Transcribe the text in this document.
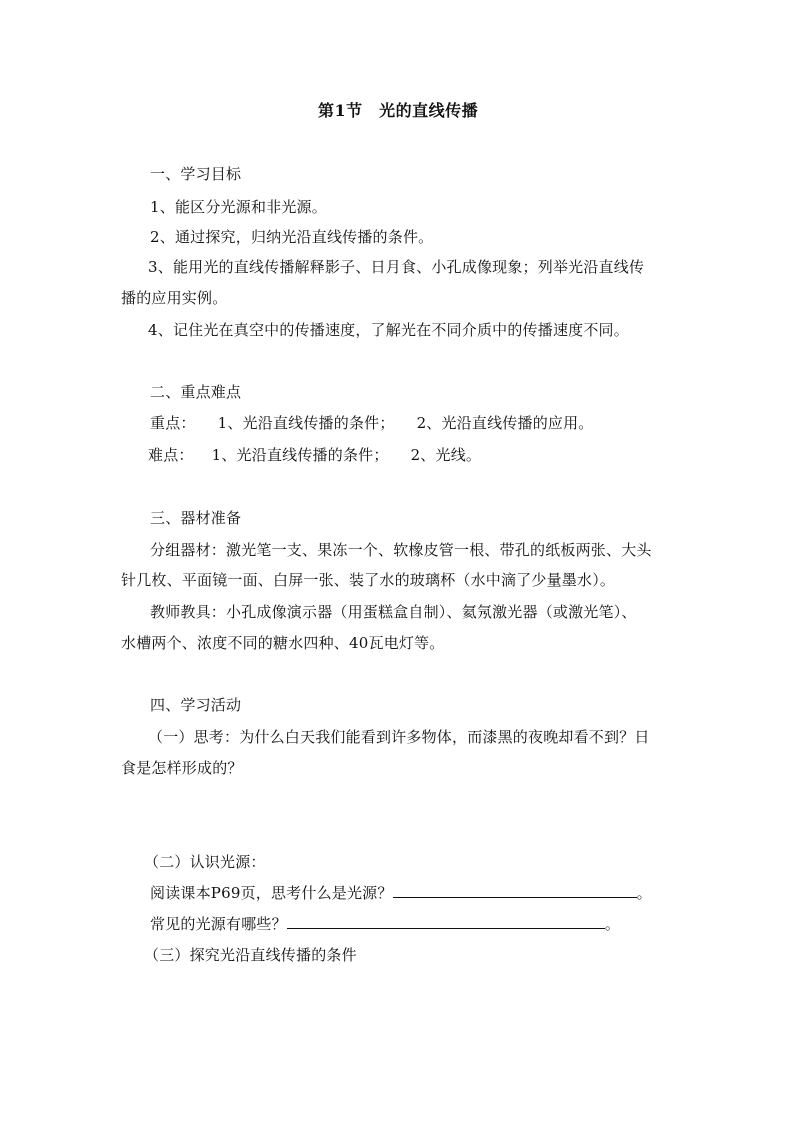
第1节　光的直线传播
一、学习目标
1、能区分光源和非光源。
2、通过探究，归纳光沿直线传播的条件。
3、能用光的直线传播解释影子、日月食、小孔成像现象；列举光沿直线传
播的应用实例。
4、记住光在真空中的传播速度，了解光在不同介质中的传播速度不同。
二、重点难点
重点： 1、光沿直线传播的条件； 2、光沿直线传播的应用。
难点： 1、光沿直线传播的条件； 2、光线。
三、器材准备
分组器材：激光笔一支、果冻一个、软橡皮管一根、带孔的纸板两张、大头
针几枚、平面镜一面、白屏一张、装了水的玻璃杯（水中滴了少量墨水）。
教师教具：小孔成像演示器（用蛋糕盒自制）、氦氖激光器（或激光笔）、
水槽两个、浓度不同的糖水四种、40瓦电灯等。
四、学习活动
（一）思考：为什么白天我们能看到许多物体，而漆黑的夜晚却看不到？日
食是怎样形成的？
（二）认识光源：
阅读课本P69页，思考什么是光源？	。
常见的光源有哪些？	。
（三）探究光沿直线传播的条件
